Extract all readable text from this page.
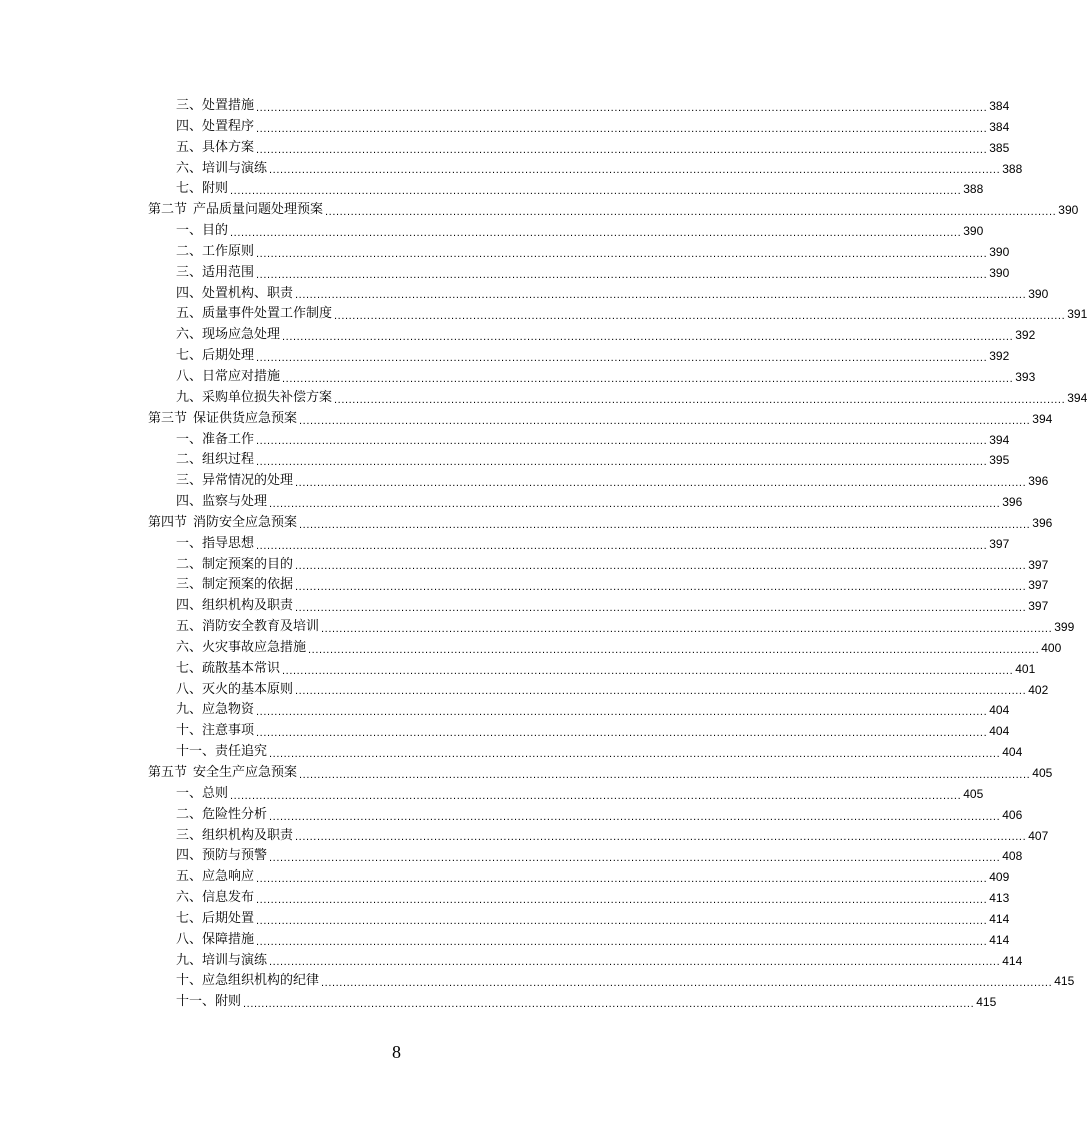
三、处置措施 ........................................................................................................................................................................................................ 384
四、处置程序 ........................................................................................................................................................................................................ 384
五、具体方案 ........................................................................................................................................................................................................ 385
六、培训与演练 ........................................................................................................................................................................................................ 388
七、附则 ........................................................................................................................................................................................................ 388
第二节 产品质量问题处理预案 ........................................................................................................................................................................................................ 390
一、目的 ........................................................................................................................................................................................................ 390
二、工作原则 ........................................................................................................................................................................................................ 390
三、适用范围 ........................................................................................................................................................................................................ 390
四、处置机构、职责 ........................................................................................................................................................................................................ 390
五、质量事件处置工作制度 ........................................................................................................................................................................................................ 391
六、现场应急处理 ........................................................................................................................................................................................................ 392
七、后期处理 ........................................................................................................................................................................................................ 392
八、日常应对措施 ........................................................................................................................................................................................................ 393
九、采购单位损失补偿方案 ........................................................................................................................................................................................................ 394
第三节 保证供货应急预案 ........................................................................................................................................................................................................ 394
一、准备工作 ........................................................................................................................................................................................................ 394
二、组织过程 ........................................................................................................................................................................................................ 395
三、异常情况的处理 ........................................................................................................................................................................................................ 396
四、监察与处理 ........................................................................................................................................................................................................ 396
第四节 消防安全应急预案 ........................................................................................................................................................................................................ 396
一、指导思想 ........................................................................................................................................................................................................ 397
二、制定预案的目的 ........................................................................................................................................................................................................ 397
三、制定预案的依据 ........................................................................................................................................................................................................ 397
四、组织机构及职责 ........................................................................................................................................................................................................ 397
五、消防安全教育及培训 ........................................................................................................................................................................................................ 399
六、火灾事故应急措施 ........................................................................................................................................................................................................ 400
七、疏散基本常识 ........................................................................................................................................................................................................ 401
八、灭火的基本原则 ........................................................................................................................................................................................................ 402
九、应急物资 ........................................................................................................................................................................................................ 404
十、注意事项 ........................................................................................................................................................................................................ 404
十一、责任追究 ........................................................................................................................................................................................................ 404
第五节 安全生产应急预案 ........................................................................................................................................................................................................ 405
一、总则 ........................................................................................................................................................................................................ 405
二、危险性分析 ........................................................................................................................................................................................................ 406
三、组织机构及职责 ........................................................................................................................................................................................................ 407
四、预防与预警 ........................................................................................................................................................................................................ 408
五、应急响应 ........................................................................................................................................................................................................ 409
六、信息发布 ........................................................................................................................................................................................................ 413
七、后期处置 ........................................................................................................................................................................................................ 414
八、保障措施 ........................................................................................................................................................................................................ 414
九、培训与演练 ........................................................................................................................................................................................................ 414
十、应急组织机构的纪律 ........................................................................................................................................................................................................ 415
十一、附则 ........................................................................................................................................................................................................ 415
8
